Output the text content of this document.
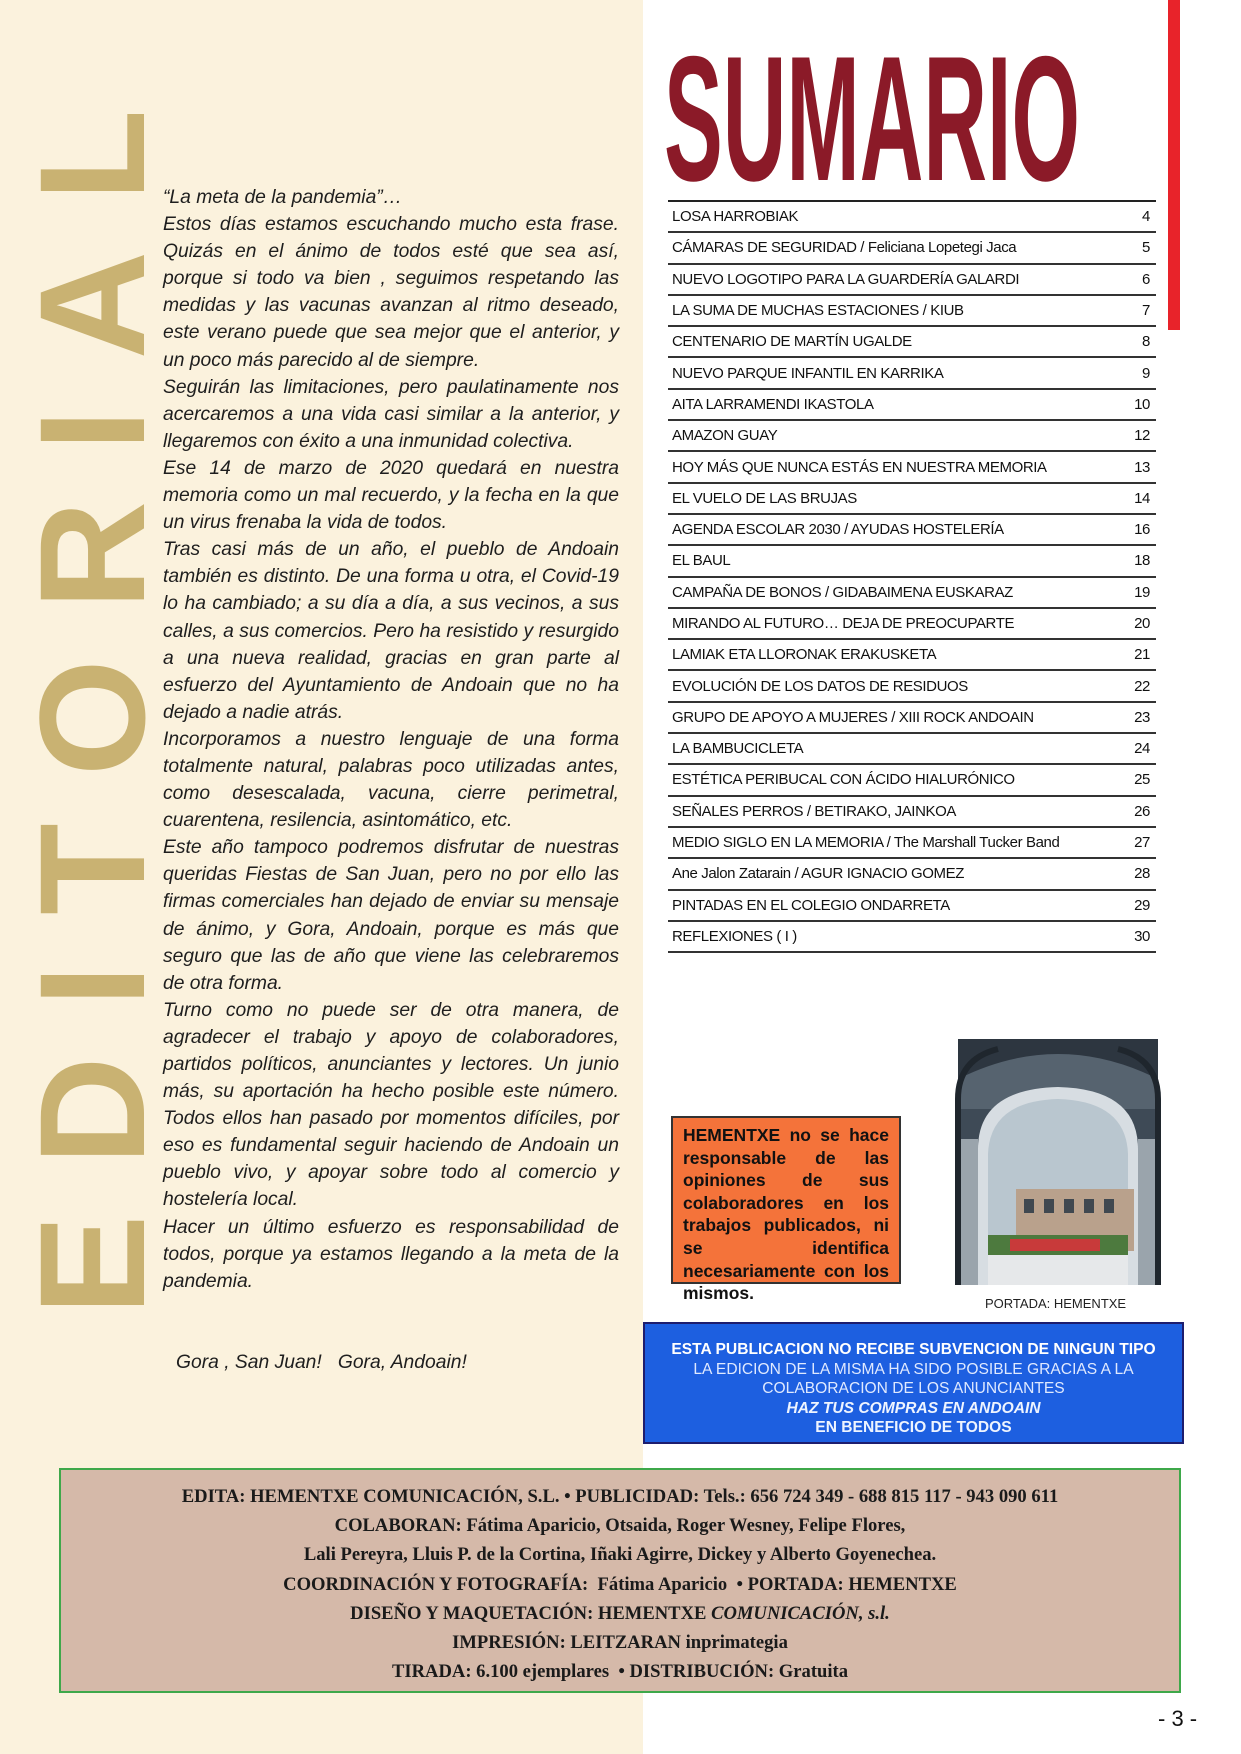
EDITORIAL

“La meta de la pandemia”…

Estos días estamos escuchando mucho esta frase. Quizás en el ánimo de todos esté que sea así, porque si todo va bien , seguimos respetando las medidas y las vacunas avanzan al ritmo deseado, este verano puede que sea mejor que el anterior, y un poco más parecido al de siempre.

Seguirán las limitaciones, pero paulatinamente nos acercaremos a una vida casi similar a la anterior, y llegaremos con éxito a una inmunidad colectiva.

Ese 14 de marzo de 2020 quedará en nuestra memoria como un mal recuerdo, y la fecha en la que un virus frenaba la vida de todos.

Tras casi más de un año, el pueblo de Andoain también es distinto. De una forma u otra, el Covid-19 lo ha cambiado; a su día a día, a sus vecinos, a sus calles, a sus comercios. Pero ha resistido y resurgido a una nueva realidad, gracias en gran parte al esfuerzo del Ayuntamiento de Andoain que no ha dejado a nadie atrás.

Incorporamos a nuestro lenguaje de una forma totalmente natural, palabras poco utilizadas antes, como desescalada, vacuna, cierre perimetral, cuarentena, resilencia, asintomático, etc.

Este año tampoco podremos disfrutar de nuestras queridas Fiestas de San Juan, pero no por ello las firmas comerciales han dejado de enviar su mensaje de ánimo, y Gora, Andoain, porque es más que seguro que las de año que viene las celebraremos de otra forma.

Turno como no puede ser de otra manera, de agradecer el trabajo y apoyo de colaboradores, partidos políticos, anunciantes y lectores. Un junio más, su aportación ha hecho posible este número. Todos ellos han pasado por momentos difíciles, por eso es fundamental seguir haciendo de Andoain un pueblo vivo, y apoyar sobre todo al comercio y hostelería local.

Hacer un último esfuerzo es responsabilidad de todos, porque ya estamos llegando a la meta de la pandemia.

Gora , San Juan!   Gora, Andoain!
SUMARIO
LOSA HARROBIAK	4
CÁMARAS DE SEGURIDAD / Feliciana Lopetegi Jaca	5
NUEVO LOGOTIPO PARA LA GUARDERÍA GALARDI	6
LA SUMA DE MUCHAS ESTACIONES / KIUB	7
CENTENARIO DE MARTÍN UGALDE	8
NUEVO PARQUE INFANTIL EN KARRIKA	9
AITA LARRAMENDI IKASTOLA	10
AMAZON GUAY	12
HOY MÁS QUE NUNCA ESTÁS EN NUESTRA MEMORIA	13
EL VUELO DE LAS BRUJAS	14
AGENDA ESCOLAR 2030 / AYUDAS HOSTELERÍA	16
EL BAUL	18
CAMPAÑA DE BONOS / GIDABAIMENA EUSKARAZ	19
MIRANDO AL FUTURO… DEJA DE PREOCUPARTE	20
LAMIAK ETA LLORONAK ERAKUSKETA	21
EVOLUCIÓN DE LOS DATOS DE RESIDUOS	22
GRUPO DE APOYO A MUJERES / XIII ROCK ANDOAIN	23
LA BAMBUCICLETA	24
ESTÉTICA PERIBUCAL CON ÁCIDO HIALURÓNICO	25
SEÑALES PERROS / BETIRAKO, JAINKOA	26
MEDIO SIGLO EN LA MEMORIA / The Marshall Tucker Band	27
Ane Jalon Zatarain / AGUR IGNACIO GOMEZ	28
PINTADAS EN EL COLEGIO ONDARRETA	29
REFLEXIONES ( I )	30
HEMENTXE no se hace responsable de las opiniones de sus colaboradores en los trabajos publicados, ni se identifica necesariamente con los mismos.
PORTADA: HEMENTXE
ESTA PUBLICACION NO RECIBE SUBVENCION DE NINGUN TIPO
LA EDICION DE LA MISMA HA SIDO POSIBLE GRACIAS A LA
COLABORACION DE LOS ANUNCIANTES
HAZ TUS COMPRAS EN ANDOAIN
EN BENEFICIO DE TODOS
EDITA: HEMENTXE COMUNICACIÓN, S.L. • PUBLICIDAD: Tels.: 656 724 349 - 688 815 117 - 943 090 611
COLABORAN: Fátima Aparicio, Otsaida, Roger Wesney, Felipe Flores,
Lali Pereyra, Lluis P. de la Cortina, Iñaki Agirre, Dickey y Alberto Goyenechea.
COORDINACIÓN Y FOTOGRAFÍA:  Fátima Aparicio  • PORTADA: HEMENTXE
DISEÑO Y MAQUETACIÓN: HEMENTXE COMUNICACIÓN, s.l.
IMPRESIÓN: LEITZARAN inprimategia
TIRADA: 6.100 ejemplares  • DISTRIBUCIÓN: Gratuita
- 3 -
